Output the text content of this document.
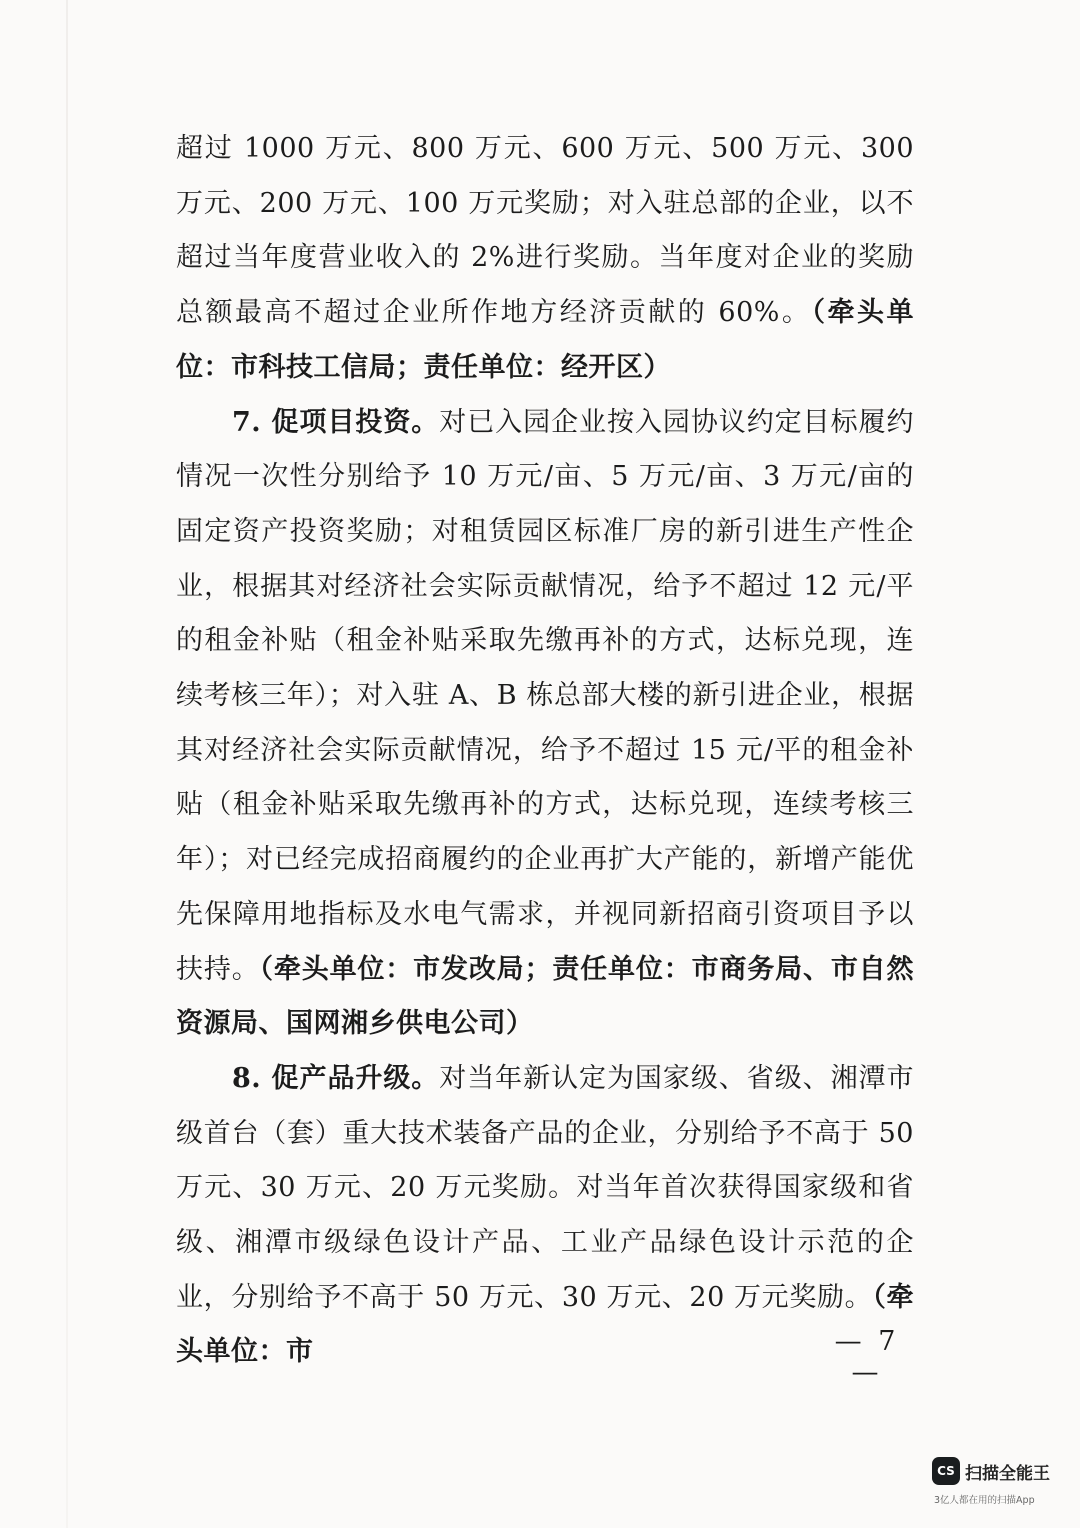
超过 1000 万元、800 万元、600 万元、500 万元、300 万元、200 万元、100 万元奖励；对入驻总部的企业，以不超过当年度营业收入的 2%进行奖励。当年度对企业的奖励总额最高不超过企业所作地方经济贡献的 60%。（牵头单位：市科技工信局；责任单位：经开区）

7. 促项目投资。对已入园企业按入园协议约定目标履约情况一次性分别给予 10 万元/亩、5 万元/亩、3 万元/亩的固定资产投资奖励；对租赁园区标准厂房的新引进生产性企业，根据其对经济社会实际贡献情况，给予不超过 12 元/平的租金补贴（租金补贴采取先缴再补的方式，达标兑现，连续考核三年）；对入驻 A、B 栋总部大楼的新引进企业，根据其对经济社会实际贡献情况，给予不超过 15 元/平的租金补贴（租金补贴采取先缴再补的方式，达标兑现，连续考核三年）；对已经完成招商履约的企业再扩大产能的，新增产能优先保障用地指标及水电气需求，并视同新招商引资项目予以扶持。（牵头单位：市发改局；责任单位：市商务局、市自然资源局、国网湘乡供电公司）

8. 促产品升级。对当年新认定为国家级、省级、湘潭市级首台（套）重大技术装备产品的企业，分别给予不高于 50 万元、30 万元、20 万元奖励。对当年首次获得国家级和省级、湘潭市级绿色设计产品、工业产品绿色设计示范的企业，分别给予不高于 50 万元、30 万元、20 万元奖励。（牵头单位：市	— 7 —
CS 扫描全能王
3亿人都在用的扫描App
